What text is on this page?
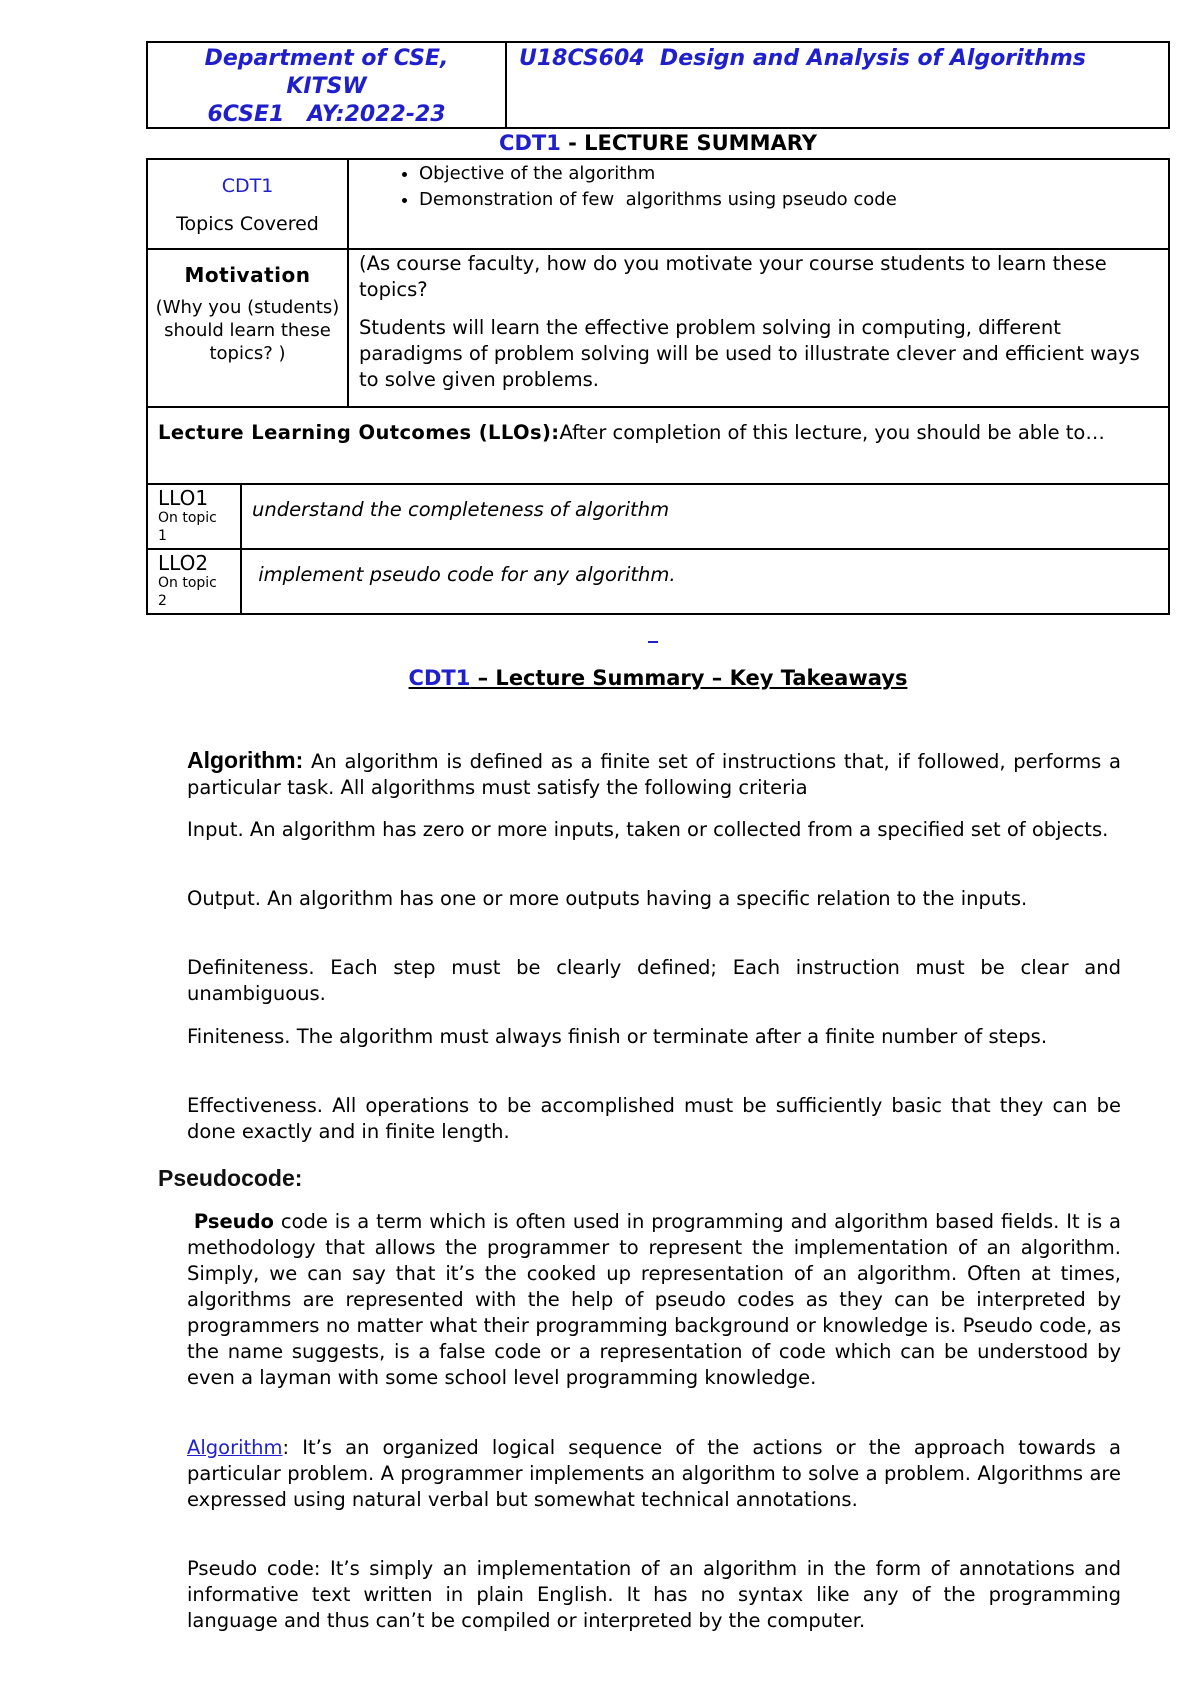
Department of CSE,
KITSW
6CSE1   AY:2022-23
U18CS604  Design and Analysis of Algorithms
CDT1 - LECTURE SUMMARY
CDT1
Topics Covered
• Objective of the algorithm
• Demonstration of few  algorithms using pseudo code
Motivation
(Why you (students) should learn these topics? )

(As course faculty, how do you motivate your course students to learn these topics?

Students will learn the effective problem solving in computing, different paradigms of problem solving will be used to illustrate clever and efficient ways to solve given problems.

Lecture Learning Outcomes (LLOs):After completion of this lecture, you should be able to…
LLO1
On topic
1
understand the completeness of algorithm
LLO2
On topic
2
implement pseudo code for any algorithm.
CDT1 – Lecture Summary – Key Takeaways

Algorithm: An algorithm is defined as a finite set of instructions that, if followed, performs a particular task. All algorithms must satisfy the following criteria

Input. An algorithm has zero or more inputs, taken or collected from a specified set of objects.
Output. An algorithm has one or more outputs having a specific relation to the inputs.
Definiteness. Each step must be clearly defined; Each instruction must be clear and unambiguous.
Finiteness. The algorithm must always finish or terminate after a finite number of steps.
Effectiveness. All operations to be accomplished must be sufficiently basic that they can be done exactly and in finite length.
Pseudocode:

Pseudo code is a term which is often used in programming and algorithm based fields. It is a methodology that allows the programmer to represent the implementation of an algorithm. Simply, we can say that it’s the cooked up representation of an algorithm. Often at times, algorithms are represented with the help of pseudo codes as they can be interpreted by programmers no matter what their programming background or knowledge is. Pseudo code, as the name suggests, is a false code or a representation of code which can be understood by even a layman with some school level programming knowledge.

Algorithm: It’s an organized logical sequence of the actions or the approach towards a particular problem. A programmer implements an algorithm to solve a problem. Algorithms are expressed using natural verbal but somewhat technical annotations.

Pseudo code: It’s simply an implementation of an algorithm in the form of annotations and informative text written in plain English. It has no syntax like any of the programming language and thus can’t be compiled or interpreted by the computer.
